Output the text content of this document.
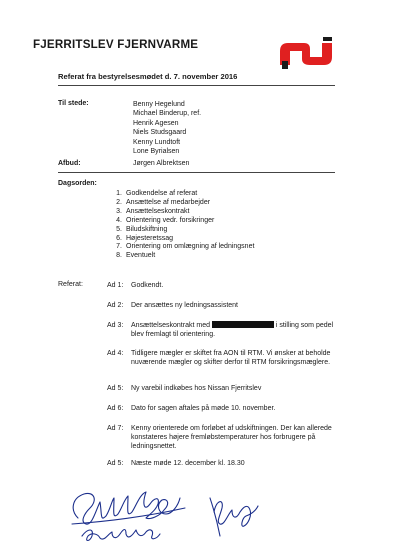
FJERRITSLEV FJERNVARME
Referat fra bestyrelsesmødet d. 7. november 2016
Til stede:	Benny Hegelund
Michael Binderup, ref.
Henrik Agesen
Niels Studsgaard
Kenny Lundtoft
Lone Byrialsen
Afbud:	Jørgen Albrektsen
Dagsorden:
1. Godkendelse af referat
2. Ansættelse af medarbejder
3. Ansættelseskontrakt
4. Orientering vedr. forsikringer
5. Biludskiftning
6. Højesteretssag
7. Orientering om omlægning af ledningsnet
8. Eventuelt
Referat:	Ad 1:	Godkendt.
Ad 2:	Der ansættes ny ledningsassistent
Ad 3:	Ansættelseskontrakt med	i stilling som pedel blev fremlagt til orientering.
Ad 4:	Tidligere mægler er skiftet fra AON til RTM. Vi ønsker at beholde nuværende mægler og skifter derfor til RTM forsikringsmæglere.
Ad 5:	Ny varebil indkøbes hos Nissan Fjerritslev
Ad 6:	Dato for sagen aftales på møde 10. november.
Ad 7:	Kenny orienterede om forløbet af udskiftningen. Der kan allerede konstateres højere fremløbstemperaturer hos forbrugere på ledningsnettet.
Ad 5:	Næste møde 12. december kl. 18.30
